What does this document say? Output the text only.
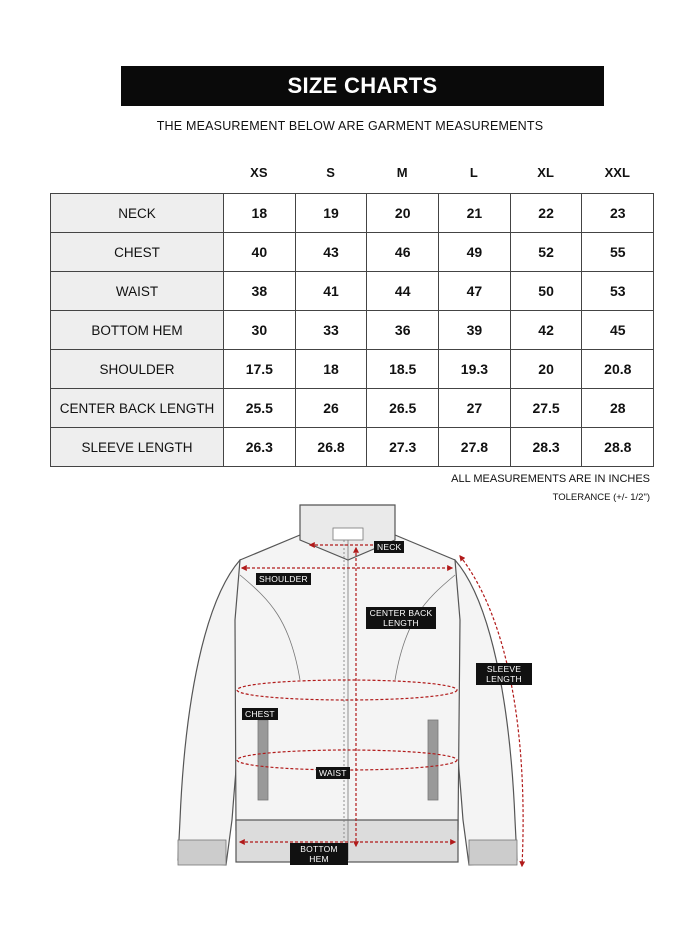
SIZE CHARTS
THE MEASUREMENT BELOW ARE GARMENT MEASUREMENTS
XS	S	M	L	XL	XXL
NECK	18	19	20	21	22	23
CHEST	40	43	46	49	52	55
WAIST	38	41	44	47	50	53
BOTTOM HEM	30	33	36	39	42	45
SHOULDER	17.5	18	18.5	19.3	20	20.8
CENTER BACK LENGTH	25.5	26	26.5	27	27.5	28
SLEEVE LENGTH	26.3	26.8	27.3	27.8	28.3	28.8
ALL MEASUREMENTS ARE IN INCHES
TOLERANCE (+/- 1/2")
NECK
SHOULDER
CENTER BACK LENGTH
SLEEVE LENGTH
CHEST
WAIST
BOTTOM HEM
